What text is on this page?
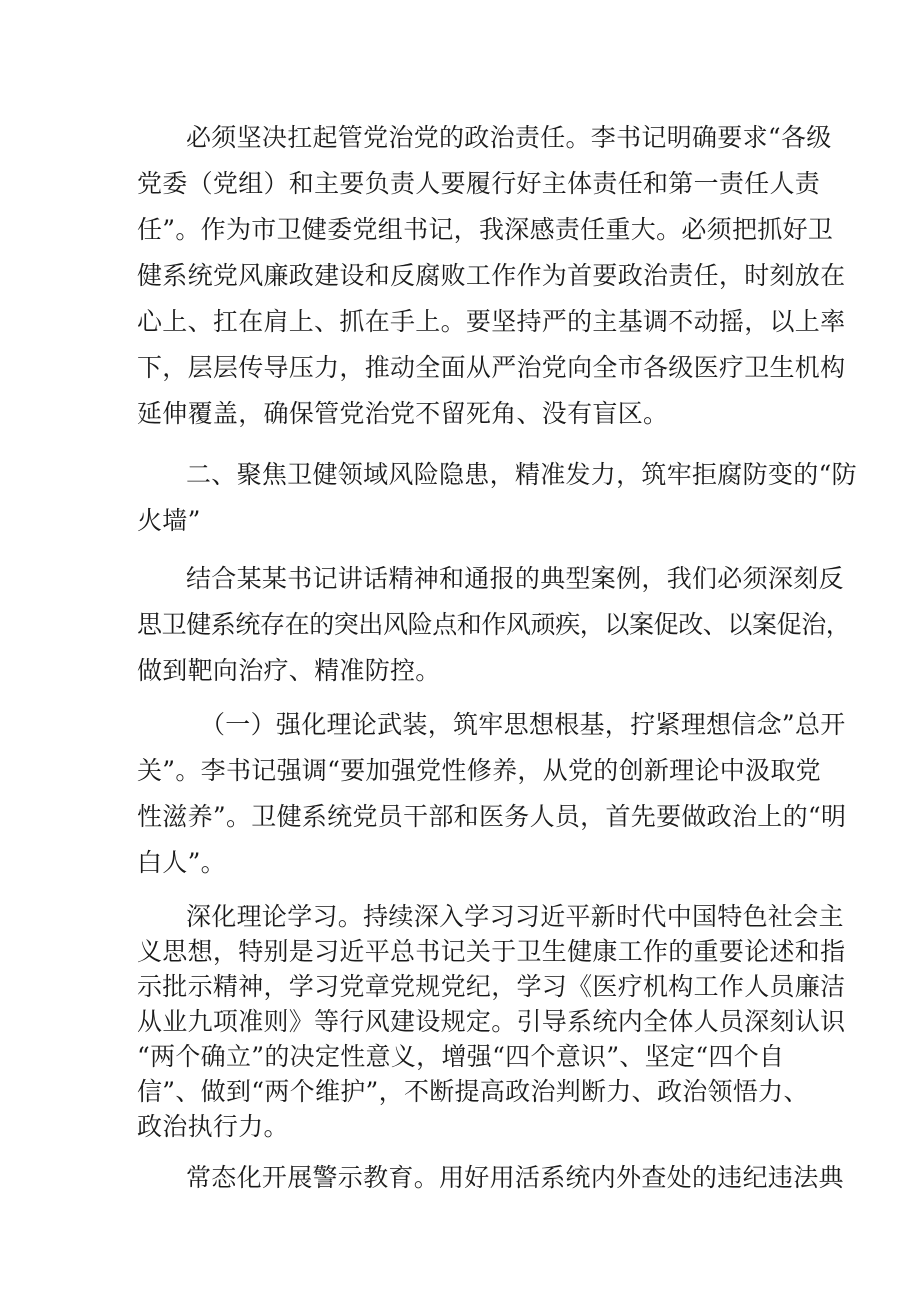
必须坚决扛起管党治党的政治责任。李书记明确要求“各级
党委（党组）和主要负责人要履行好主体责任和第一责任人责
任”。作为市卫健委党组书记，我深感责任重大。必须把抓好卫
健系统党风廉政建设和反腐败工作作为首要政治责任，时刻放在
心上、扛在肩上、抓在手上。要坚持严的主基调不动摇，以上率
下，层层传导压力，推动全面从严治党向全市各级医疗卫生机构
延伸覆盖，确保管党治党不留死角、没有盲区。
二、聚焦卫健领域风险隐患，精准发力，筑牢拒腐防变的“防
火墙”
结合某某书记讲话精神和通报的典型案例，我们必须深刻反
思卫健系统存在的突出风险点和作风顽疾，以案促改、以案促治，
做到靶向治疗、精准防控。
（一）强化理论武装，筑牢思想根基，拧紧理想信念”总开
关”。李书记强调“要加强党性修养，从党的创新理论中汲取党
性滋养”。卫健系统党员干部和医务人员，首先要做政治上的“明
白人”。
深化理论学习。持续深入学习习近平新时代中国特色社会主
义思想，特别是习近平总书记关于卫生健康工作的重要论述和指
示批示精神，学习党章党规党纪，学习《医疗机构工作人员廉洁
从业九项准则》等行风建设规定。引导系统内全体人员深刻认识
“两个确立”的决定性意义，增强“四个意识”、坚定“四个自
信”、做到“两个维护”，不断提高政治判断力、政治领悟力、
政治执行力。
常态化开展警示教育。用好用活系统内外查处的违纪违法典
